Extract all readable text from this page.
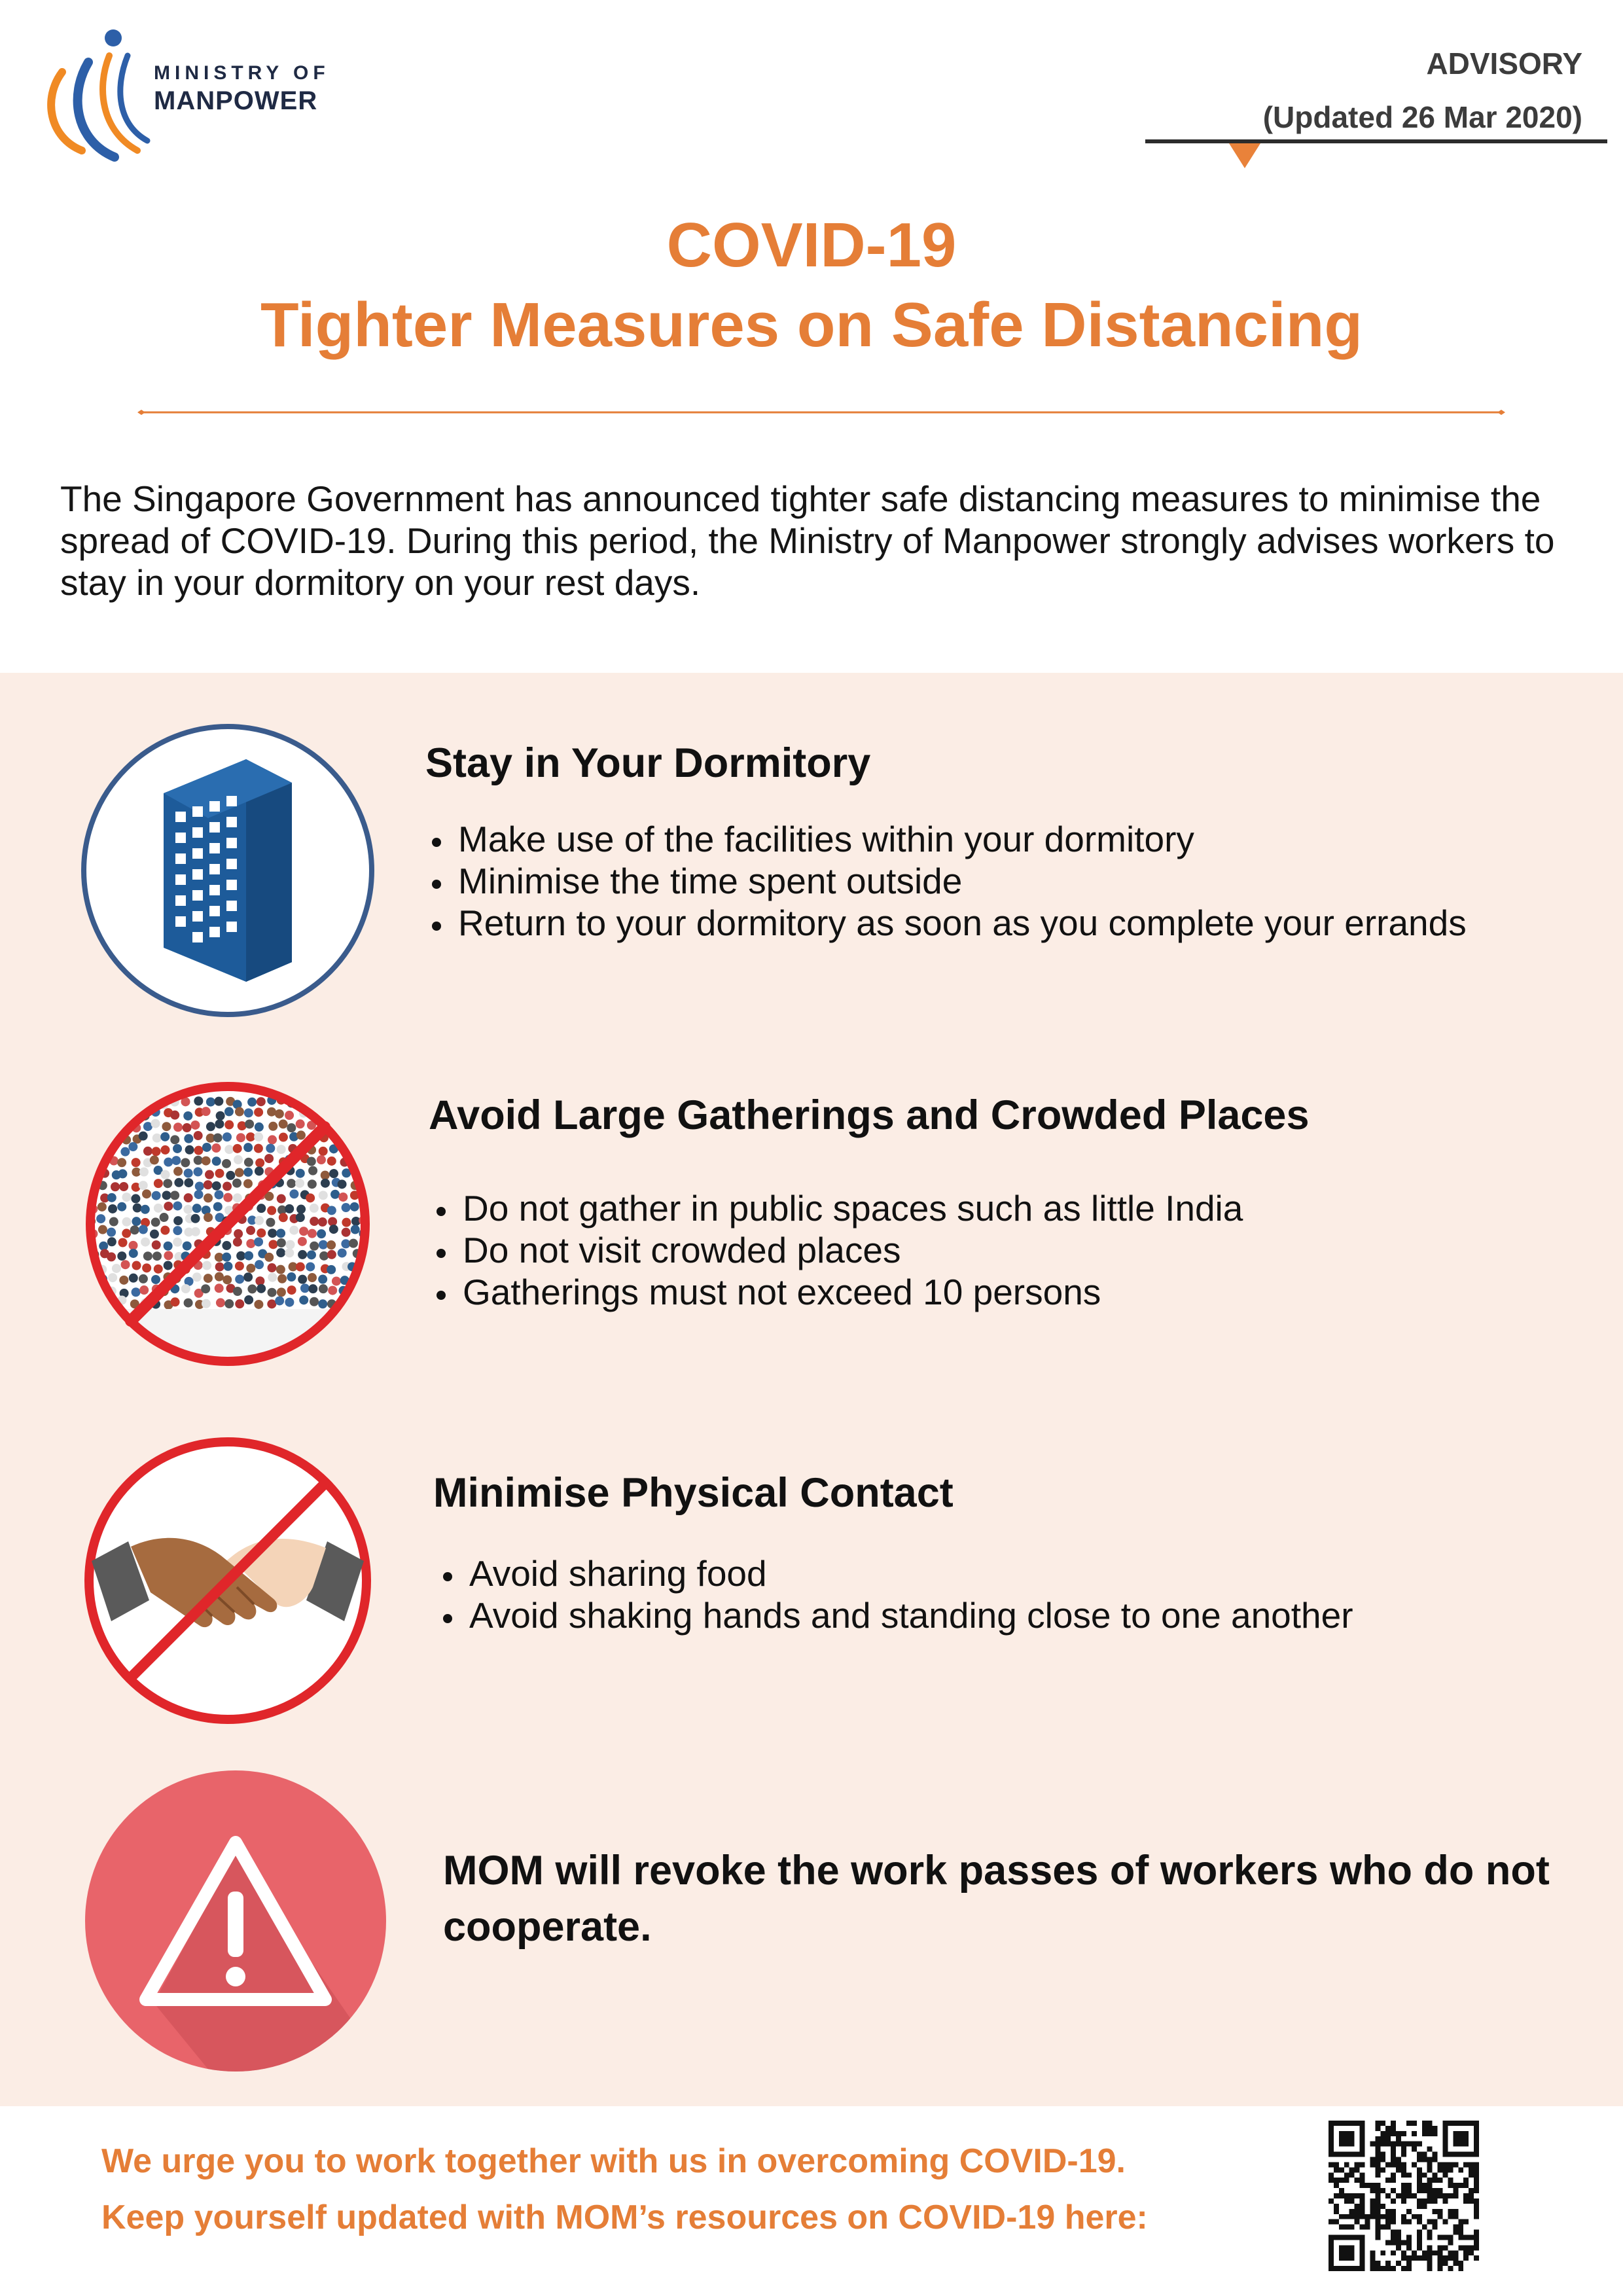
MINISTRY OF
MANPOWER
ADVISORY
(Updated 26 Mar 2020)
COVID-19
Tighter Measures on Safe Distancing
The Singapore Government has announced tighter safe distancing measures to minimise the spread of COVID-19. During this period, the Ministry of Manpower strongly advises workers to stay in your dormitory on your rest days.
Stay in Your Dormitory
Make use of the facilities within your dormitory
Minimise the time spent outside
Return to your dormitory as soon as you complete your errands
Avoid Large Gatherings and Crowded Places
Do not gather in public spaces such as little India
Do not visit crowded places
Gatherings must not exceed 10 persons
Minimise Physical Contact
Avoid sharing food
Avoid shaking hands and standing close to one another
MOM will revoke the work passes of workers who do not cooperate.
We urge you to work together with us in overcoming COVID-19.
Keep yourself updated with MOM’s resources on COVID-19 here:
